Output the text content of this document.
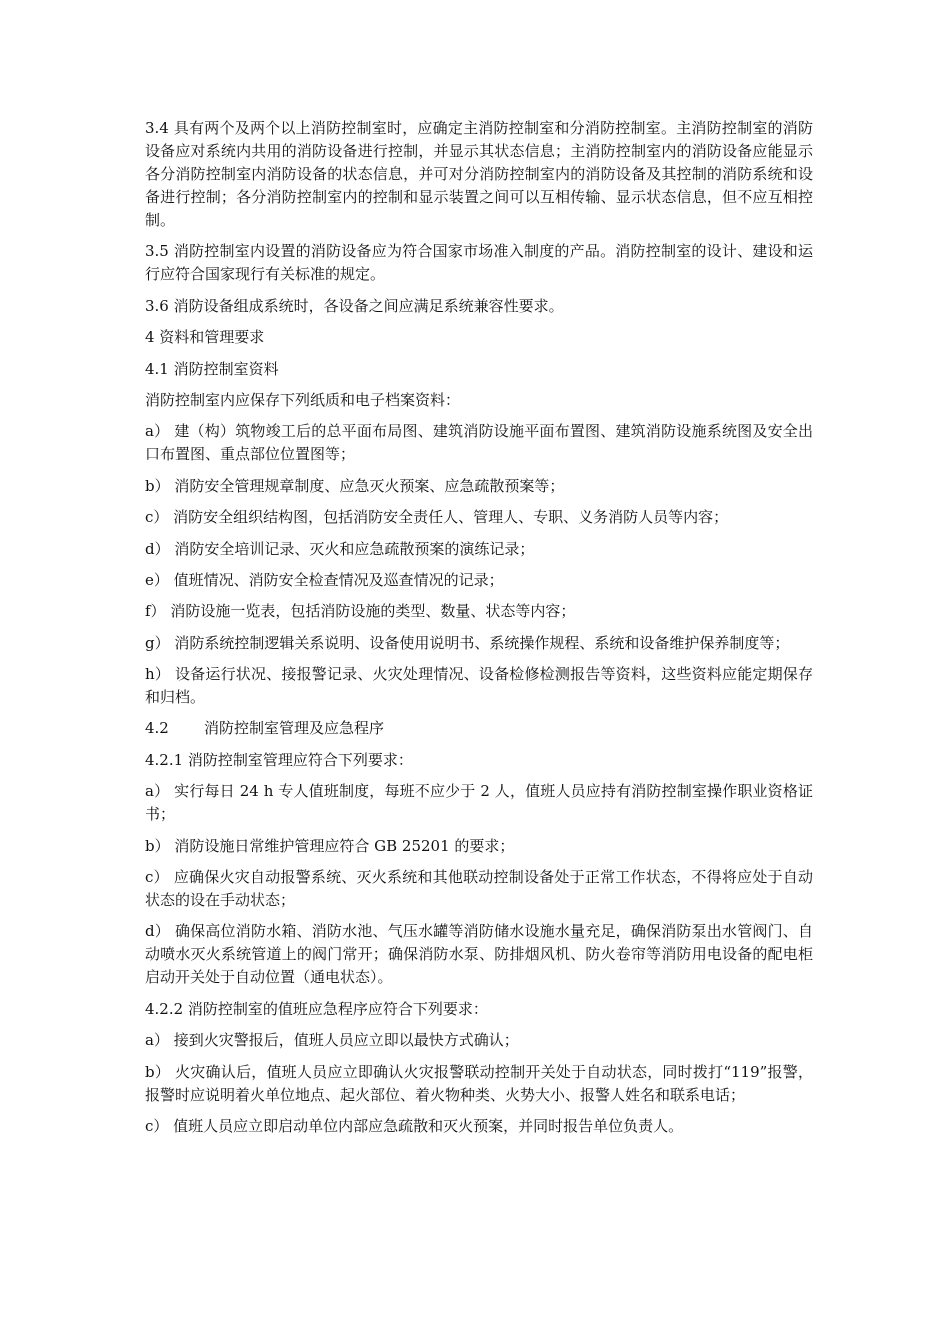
3.4 具有两个及两个以上消防控制室时，应确定主消防控制室和分消防控制室。主消防控制室的消防设备应对系统内共用的消防设备进行控制，并显示其状态信息；主消防控制室内的消防设备应能显示各分消防控制室内消防设备的状态信息，并可对分消防控制室内的消防设备及其控制的消防系统和设备进行控制；各分消防控制室内的控制和显示装置之间可以互相传输、显示状态信息，但不应互相控制。

3.5 消防控制室内设置的消防设备应为符合国家市场准入制度的产品。消防控制室的设计、建设和运行应符合国家现行有关标准的规定。

3.6 消防设备组成系统时，各设备之间应满足系统兼容性要求。

4 资料和管理要求

4.1 消防控制室资料

消防控制室内应保存下列纸质和电子档案资料：

a） 建（构）筑物竣工后的总平面布局图、建筑消防设施平面布置图、建筑消防设施系统图及安全出口布置图、重点部位位置图等；

b） 消防安全管理规章制度、应急灭火预案、应急疏散预案等；

c） 消防安全组织结构图，包括消防安全责任人、管理人、专职、义务消防人员等内容；

d） 消防安全培训记录、灭火和应急疏散预案的演练记录；

e） 值班情况、消防安全检查情况及巡查情况的记录；

f） 消防设施一览表，包括消防设施的类型、数量、状态等内容；

g） 消防系统控制逻辑关系说明、设备使用说明书、系统操作规程、系统和设备维护保养制度等；

h） 设备运行状况、接报警记录、火灾处理情况、设备检修检测报告等资料，这些资料应能定期保存和归档。

4.2 消防控制室管理及应急程序

4.2.1 消防控制室管理应符合下列要求：

a） 实行每日 24 h 专人值班制度，每班不应少于 2 人，值班人员应持有消防控制室操作职业资格证书；

b） 消防设施日常维护管理应符合 GB 25201 的要求；

c） 应确保火灾自动报警系统、灭火系统和其他联动控制设备处于正常工作状态，不得将应处于自动状态的设在手动状态；

d） 确保高位消防水箱、消防水池、气压水罐等消防储水设施水量充足，确保消防泵出水管阀门、自动喷水灭火系统管道上的阀门常开；确保消防水泵、防排烟风机、防火卷帘等消防用电设备的配电柜启动开关处于自动位置（通电状态）。

4.2.2 消防控制室的值班应急程序应符合下列要求：

a） 接到火灾警报后，值班人员应立即以最快方式确认；

b） 火灾确认后，值班人员应立即确认火灾报警联动控制开关处于自动状态，同时拨打“119”报警，报警时应说明着火单位地点、起火部位、着火物种类、火势大小、报警人姓名和联系电话；

c） 值班人员应立即启动单位内部应急疏散和灭火预案，并同时报告单位负责人。
